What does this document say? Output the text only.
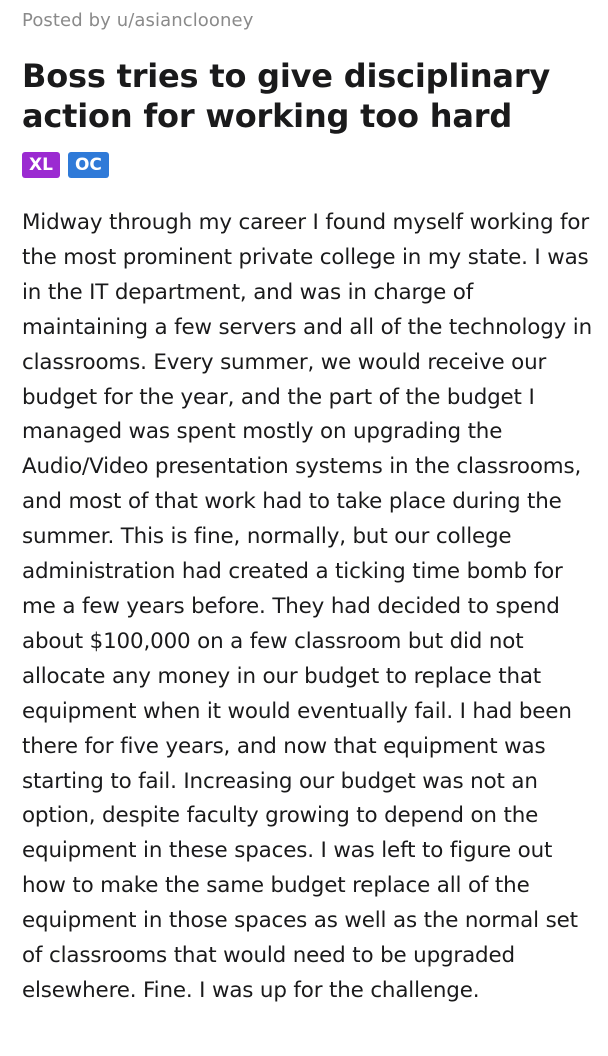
Posted by u/asianclooney
Boss tries to give disciplinary action for working too hard
XL	OC

Midway through my career I found myself working for the most prominent private college in my state. I was in the IT department, and was in charge of maintaining a few servers and all of the technology in classrooms. Every summer, we would receive our budget for the year, and the part of the budget I managed was spent mostly on upgrading the Audio/Video presentation systems in the classrooms, and most of that work had to take place during the summer. This is fine, normally, but our college administration had created a ticking time bomb for me a few years before. They had decided to spend about $100,000 on a few classroom but did not allocate any money in our budget to replace that equipment when it would eventually fail. I had been there for five years, and now that equipment was starting to fail. Increasing our budget was not an option, despite faculty growing to depend on the equipment in these spaces. I was left to figure out how to make the same budget replace all of the equipment in those spaces as well as the normal set of classrooms that would need to be upgraded elsewhere. Fine. I was up for the challenge.
